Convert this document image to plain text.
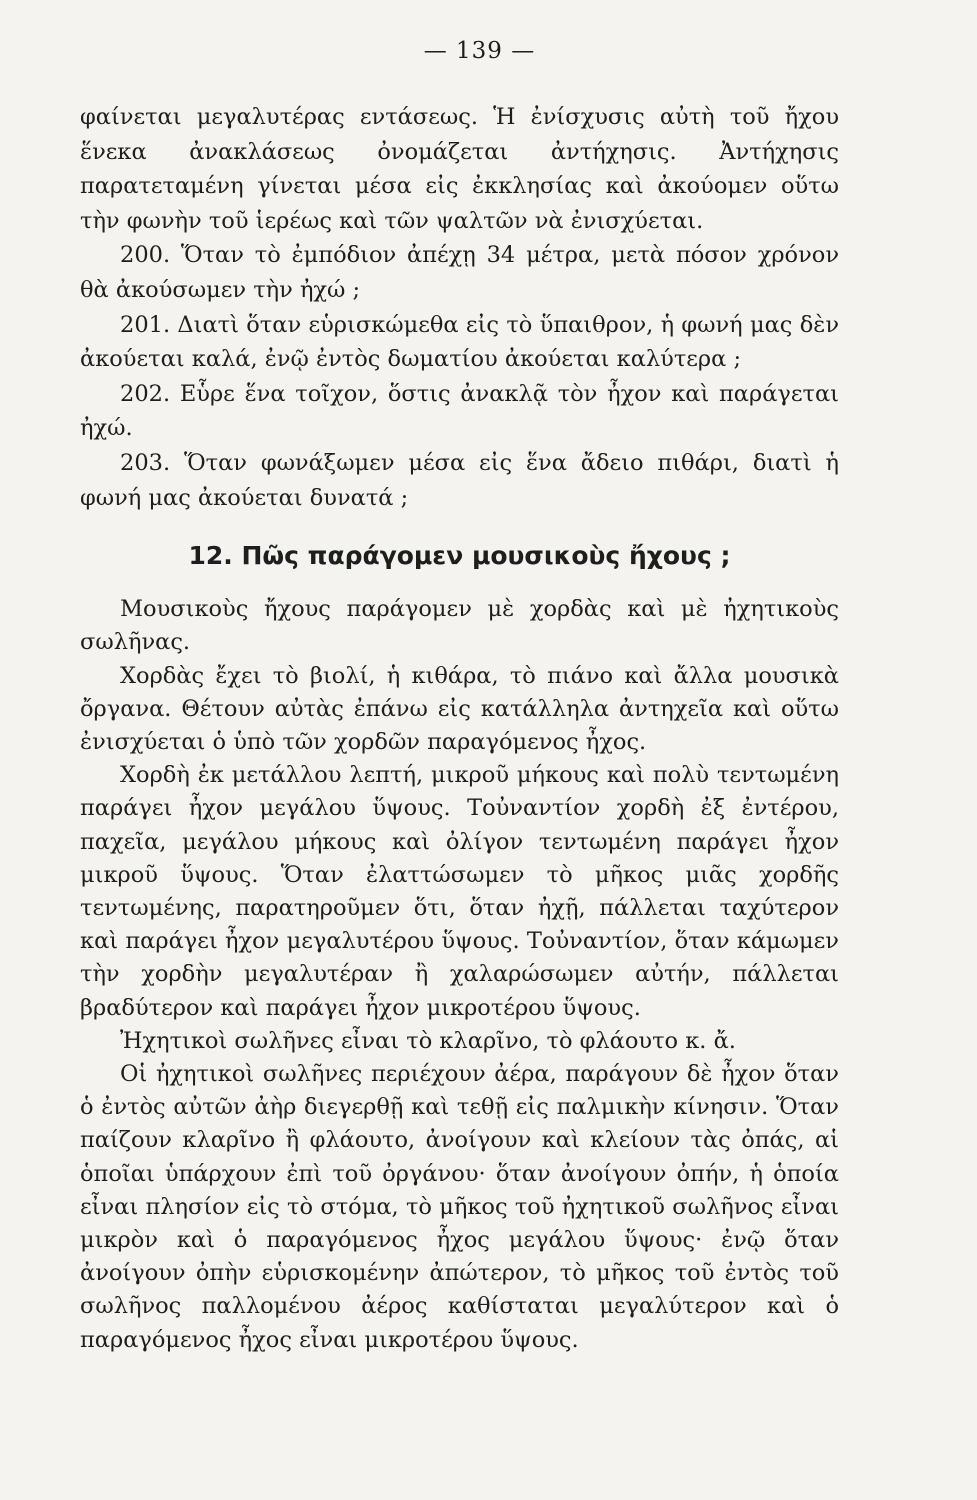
— 139 —

φαίνεται μεγαλυτέρας εντάσεως. Ἡ ἐνίσχυσις αὐτὴ τοῦ ἤχου ἕνεκα ἀνακλάσεως ὀνομάζεται ἀντήχησις. Ἀντήχησις παρατεταμένη γίνεται μέσα εἰς ἐκκλησίας καὶ ἀκούομεν οὕτω τὴν φωνὴν τοῦ ἱερέως καὶ τῶν ψαλτῶν νὰ ἐνισχύεται.

200. Ὅταν τὸ ἐμπόδιον ἀπέχῃ 34 μέτρα, μετὰ πόσον χρόνον θὰ ἀκούσωμεν τὴν ἠχώ ;

201. Διατὶ ὅταν εὑρισκώμεθα εἰς τὸ ὕπαιθρον, ἡ φωνή μας δὲν ἀκούεται καλά, ἐνῷ ἐντὸς δωματίου ἀκούεται καλύτερα ;

202. Εὗρε ἕνα τοῖχον, ὅστις ἀνακλᾷ τὸν ἦχον καὶ παράγεται ἠχώ.

203. Ὅταν φωνάξωμεν μέσα εἰς ἕνα ἄδειο πιθάρι, διατὶ ἡ φωνή μας ἀκούεται δυνατά ;

12. Πῶς παράγομεν μουσικοὺς ἤχους ;

Μουσικοὺς ἤχους παράγομεν μὲ χορδὰς καὶ μὲ ἠχητικοὺς σωλῆνας.

Χορδὰς ἔχει τὸ βιολί, ἡ κιθάρα, τὸ πιάνο καὶ ἄλλα μουσικὰ ὄργανα. Θέτουν αὐτὰς ἐπάνω εἰς κατάλληλα ἀντηχεῖα καὶ οὕτω ἐνισχύεται ὁ ὑπὸ τῶν χορδῶν παραγόμενος ἦχος.

Χορδὴ ἐκ μετάλλου λεπτή, μικροῦ μήκους καὶ πολὺ τεντωμένη παράγει ἦχον μεγάλου ὕψους. Τοὐναντίον χορδὴ ἐξ ἐντέρου, παχεῖα, μεγάλου μήκους καὶ ὀλίγον τεντωμένη παράγει ἦχον μικροῦ ὕψους. Ὅταν ἐλαττώσωμεν τὸ μῆκος μιᾶς χορδῆς τεντωμένης, παρατηροῦμεν ὅτι, ὅταν ἠχῇ, πάλλεται ταχύτερον καὶ παράγει ἦχον μεγαλυτέρου ὕψους. Τοὐναντίον, ὅταν κάμωμεν τὴν χορδὴν μεγαλυτέραν ἢ χαλαρώσωμεν αὐτήν, πάλλεται βραδύτερον καὶ παράγει ἦχον μικροτέρου ὕψους.

Ἠχητικοὶ σωλῆνες εἶναι τὸ κλαρῖνο, τὸ φλάουτο κ. ἄ.

Οἱ ἠχητικοὶ σωλῆνες περιέχουν ἀέρα, παράγουν δὲ ἦχον ὅταν ὁ ἐντὸς αὐτῶν ἀὴρ διεγερθῇ καὶ τεθῇ εἰς παλμικὴν κίνησιν. Ὅταν παίζουν κλαρῖνο ἢ φλάουτο, ἀνοίγουν καὶ κλείουν τὰς ὀπάς, αἱ ὁποῖαι ὑπάρχουν ἐπὶ τοῦ ὀργάνου· ὅταν ἀνοίγουν ὀπήν, ἡ ὁποία εἶναι πλησίον εἰς τὸ στόμα, τὸ μῆκος τοῦ ἠχητικοῦ σωλῆνος εἶναι μικρὸν καὶ ὁ παραγόμενος ἦχος μεγάλου ὕψους· ἐνῷ ὅταν ἀνοίγουν ὀπὴν εὑρισκομένην ἀπώτερον, τὸ μῆκος τοῦ ἐντὸς τοῦ σωλῆνος παλλομένου ἀέρος καθίσταται μεγαλύτερον καὶ ὁ παραγόμενος ἦχος εἶναι μικροτέρου ὕψους.
